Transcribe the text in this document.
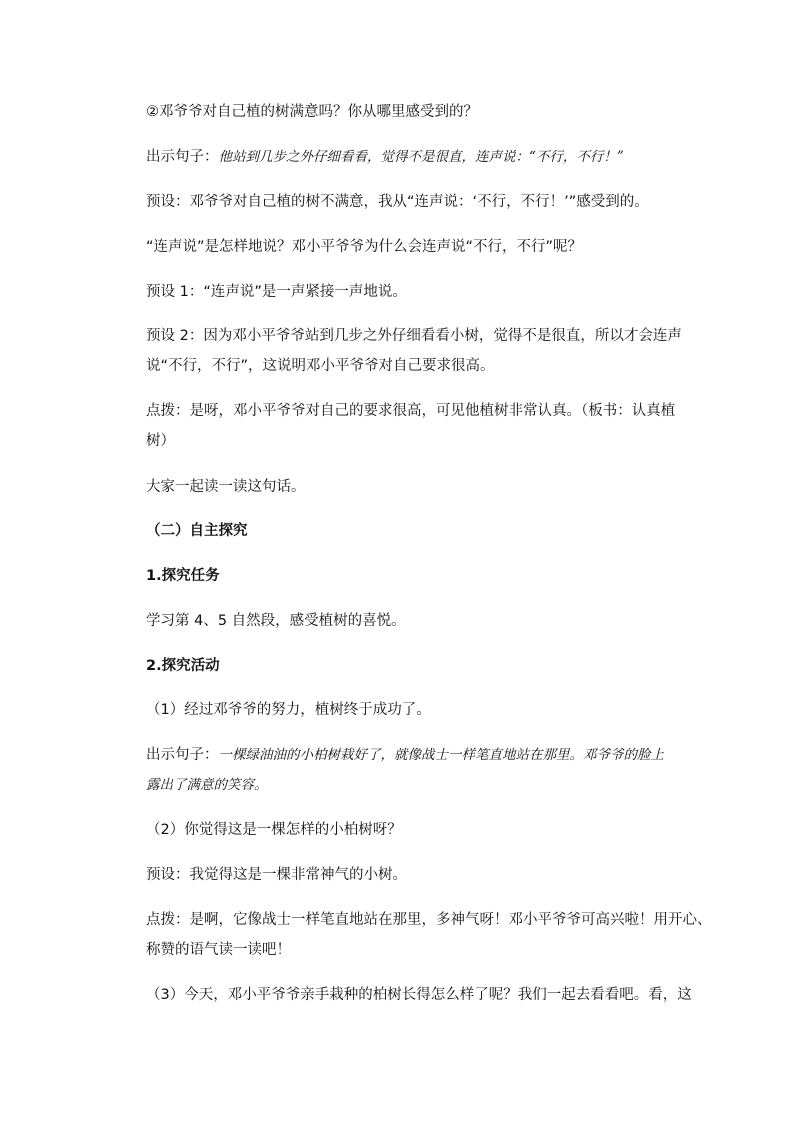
②邓爷爷对自己植的树满意吗？你从哪里感受到的？
出示句子：他站到几步之外仔细看看，觉得不是很直，连声说：“不行，不行！”
预设：邓爷爷对自己植的树不满意，我从“连声说：‘不行，不行！’”感受到的。
“连声说”是怎样地说？邓小平爷爷为什么会连声说“不行，不行”呢？
预设 1：“连声说”是一声紧接一声地说。
预设 2：因为邓小平爷爷站到几步之外仔细看看小树，觉得不是很直，所以才会连声
说“不行，不行”，这说明邓小平爷爷对自己要求很高。
点拨：是呀，邓小平爷爷对自己的要求很高，可见他植树非常认真。（板书：认真植
树）
大家一起读一读这句话。
（二）自主探究
1.探究任务
学习第 4、5 自然段，感受植树的喜悦。
2.探究活动
（1）经过邓爷爷的努力，植树终于成功了。
出示句子：一棵绿油油的小柏树栽好了，就像战士一样笔直地站在那里。邓爷爷的脸上
露出了满意的笑容。
（2）你觉得这是一棵怎样的小柏树呀？
预设：我觉得这是一棵非常神气的小树。
点拨：是啊，它像战士一样笔直地站在那里，多神气呀！邓小平爷爷可高兴啦！用开心、
称赞的语气读一读吧！
（3）今天，邓小平爷爷亲手栽种的柏树长得怎么样了呢？我们一起去看看吧。看，这
